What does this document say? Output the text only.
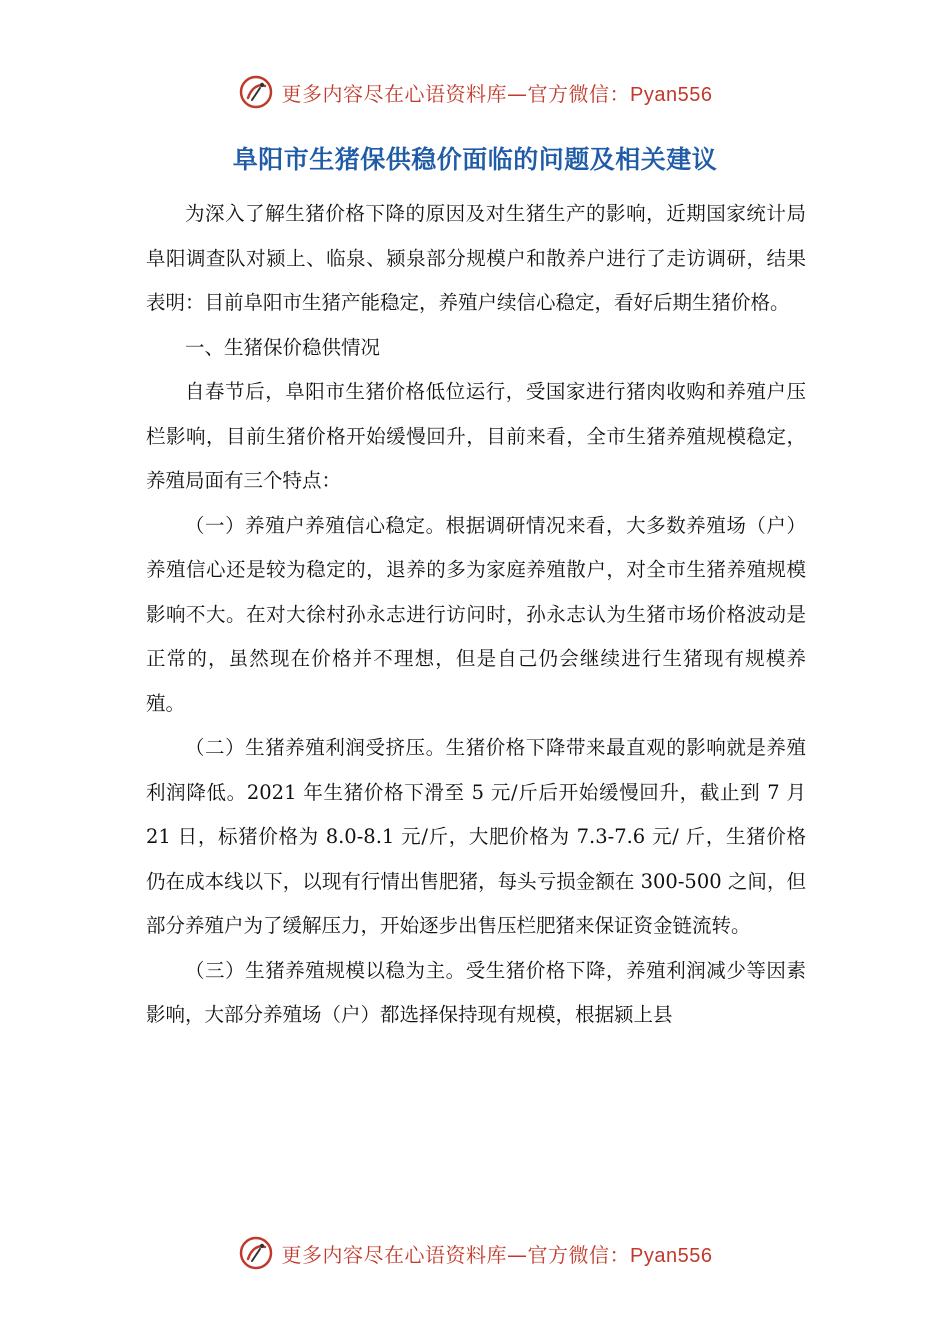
更多内容尽在心语资料库—官方微信：Pyan556
阜阳市生猪保供稳价面临的问题及相关建议

为深入了解生猪价格下降的原因及对生猪生产的影响，近期国家统计局阜阳调查队对颍上、临泉、颍泉部分规模户和散养户进行了走访调研，结果表明：目前阜阳市生猪产能稳定，养殖户续信心稳定，看好后期生猪价格。

一、生猪保价稳供情况

自春节后，阜阳市生猪价格低位运行，受国家进行猪肉收购和养殖户压栏影响，目前生猪价格开始缓慢回升，目前来看，全市生猪养殖规模稳定，养殖局面有三个特点：

（一）养殖户养殖信心稳定。根据调研情况来看，大多数养殖场（户）养殖信心还是较为稳定的，退养的多为家庭养殖散户，对全市生猪养殖规模影响不大。在对大徐村孙永志进行访问时，孙永志认为生猪市场价格波动是正常的，虽然现在价格并不理想，但是自己仍会继续进行生猪现有规模养殖。

（二）生猪养殖利润受挤压。生猪价格下降带来最直观的影响就是养殖利润降低。2021 年生猪价格下滑至 5 元/斤后开始缓慢回升，截止到 7 月 21 日，标猪价格为 8.0-8.1 元/斤，大肥价格为 7.3-7.6 元/ 斤，生猪价格仍在成本线以下，以现有行情出售肥猪，每头亏损金额在 300-500 之间，但部分养殖户为了缓解压力，开始逐步出售压栏肥猪来保证资金链流转。

（三）生猪养殖规模以稳为主。受生猪价格下降，养殖利润减少等因素影响，大部分养殖场（户）都选择保持现有规模，根据颍上县

更多内容尽在心语资料库—官方微信：Pyan556
